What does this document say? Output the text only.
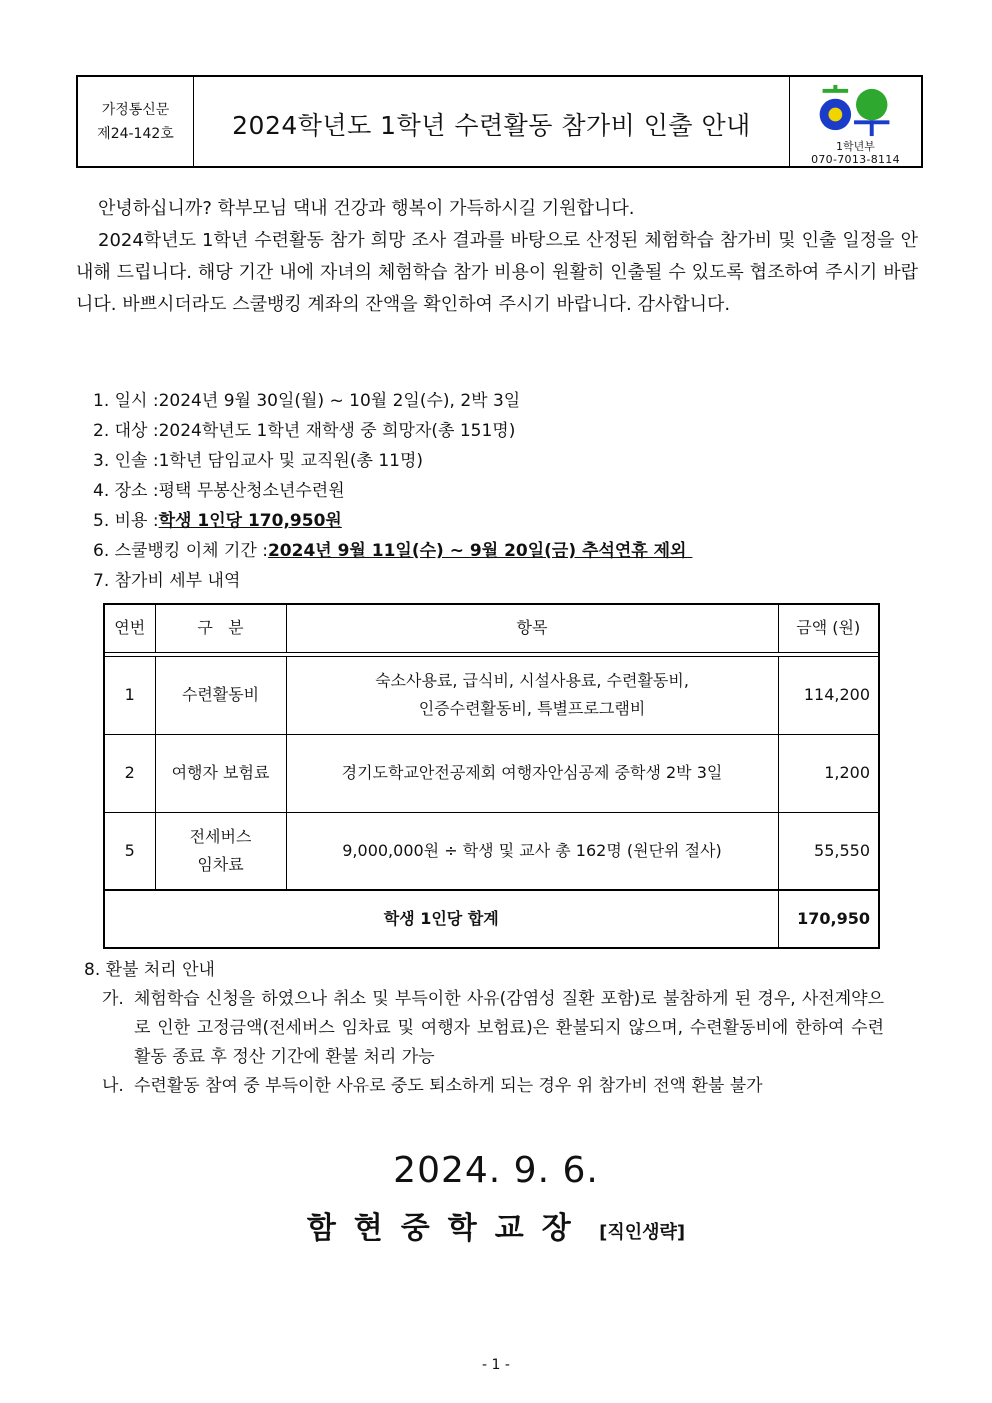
가정통신문
제24-142호	2024학년도 1학년 수련활동 참가비 인출 안내
1학년부
070-7013-8114

안녕하십니까? 학부모님 댁내 건강과 행복이 가득하시길 기원합니다.

2024학년도 1학년 수련활동 참가 희망 조사 결과를 바탕으로 산정된 체험학습 참가비 및 인출 일정을 안내해 드립니다. 해당 기간 내에 자녀의 체험학습 참가 비용이 원활히 인출될 수 있도록 협조하여 주시기 바랍니다. 바쁘시더라도 스쿨뱅킹 계좌의 잔액을 확인하여 주시기 바랍니다. 감사합니다.

1. 일시 : 2024년 9월 30일(월) ~ 10월 2일(수), 2박 3일
2. 대상 : 2024학년도 1학년 재학생 중 희망자(총 151명)
3. 인솔 : 1학년 담임교사 및 교직원(총 11명)
4. 장소 : 평택 무봉산청소년수련원
5. 비용 : 학생 1인당 170,950원
6. 스쿨뱅킹 이체 기간 : 2024년 9월 11일(수) ~ 9월 20일(금) 추석연휴 제외
7. 참가비 세부 내역
연번	구   분	항목	금액 (원)

1	수련활동비	숙소사용료, 급식비, 시설사용료, 수련활동비,
인증수련활동비, 특별프로그램비	114,200
2	여행자 보험료	경기도학교안전공제회 여행자안심공제 중학생 2박 3일	1,200
5	전세버스
임차료	9,000,000원 ÷ 학생 및 교사 총 162명 (원단위 절사)	55,550
학생 1인당 합계			170,950
8. 환불 처리 안내
가. 체험학습 신청을 하였으나 취소 및 부득이한 사유(감염성 질환 포함)로 불참하게 된 경우, 사전계약으로 인한 고정금액(전세버스 임차료 및 여행자 보험료)은 환불되지 않으며, 수련활동비에 한하여 수련활동 종료 후 정산 기간에 환불 처리 가능
나. 수련활동 참여 중 부득이한 사유로 중도 퇴소하게 되는 경우 위 참가비 전액 환불 불가
2024. 9. 6.
함현중학교장 [직인생략]
- 1 -
